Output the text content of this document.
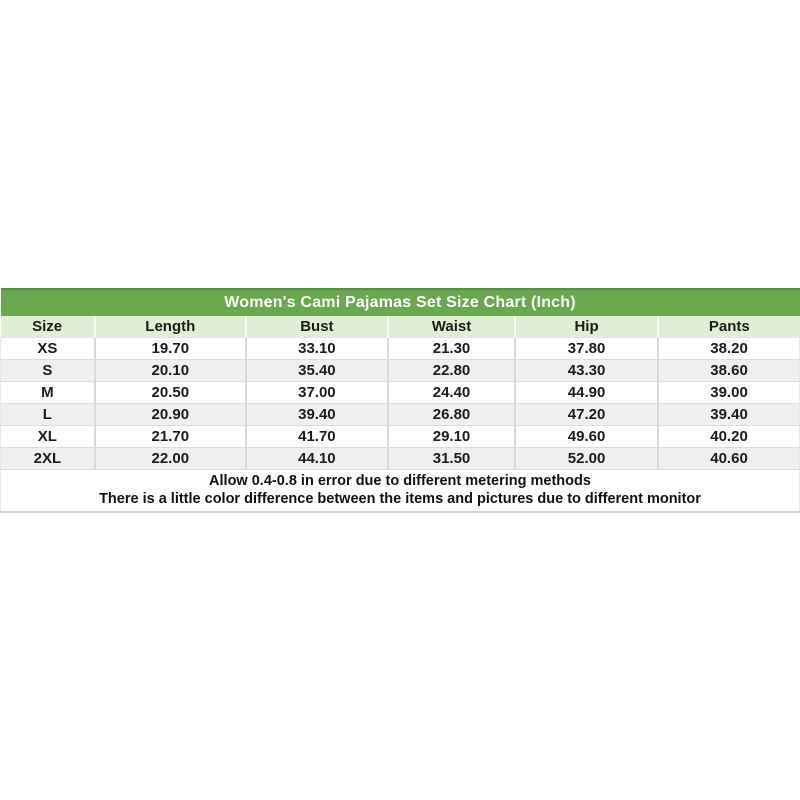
Women's Cami Pajamas Set Size Chart (Inch)					
Size	Length	Bust	Waist	Hip	Pants
XS	19.70	33.10	21.30	37.80	38.20
S	20.10	35.40	22.80	43.30	38.60
M	20.50	37.00	24.40	44.90	39.00
L	20.90	39.40	26.80	47.20	39.40
XL	21.70	41.70	29.10	49.60	40.20
2XL	22.00	44.10	31.50	52.00	40.60

Allow 0.4-0.8 in error due to different metering methods
There is a little color difference between the items and pictures due to different monitor					
